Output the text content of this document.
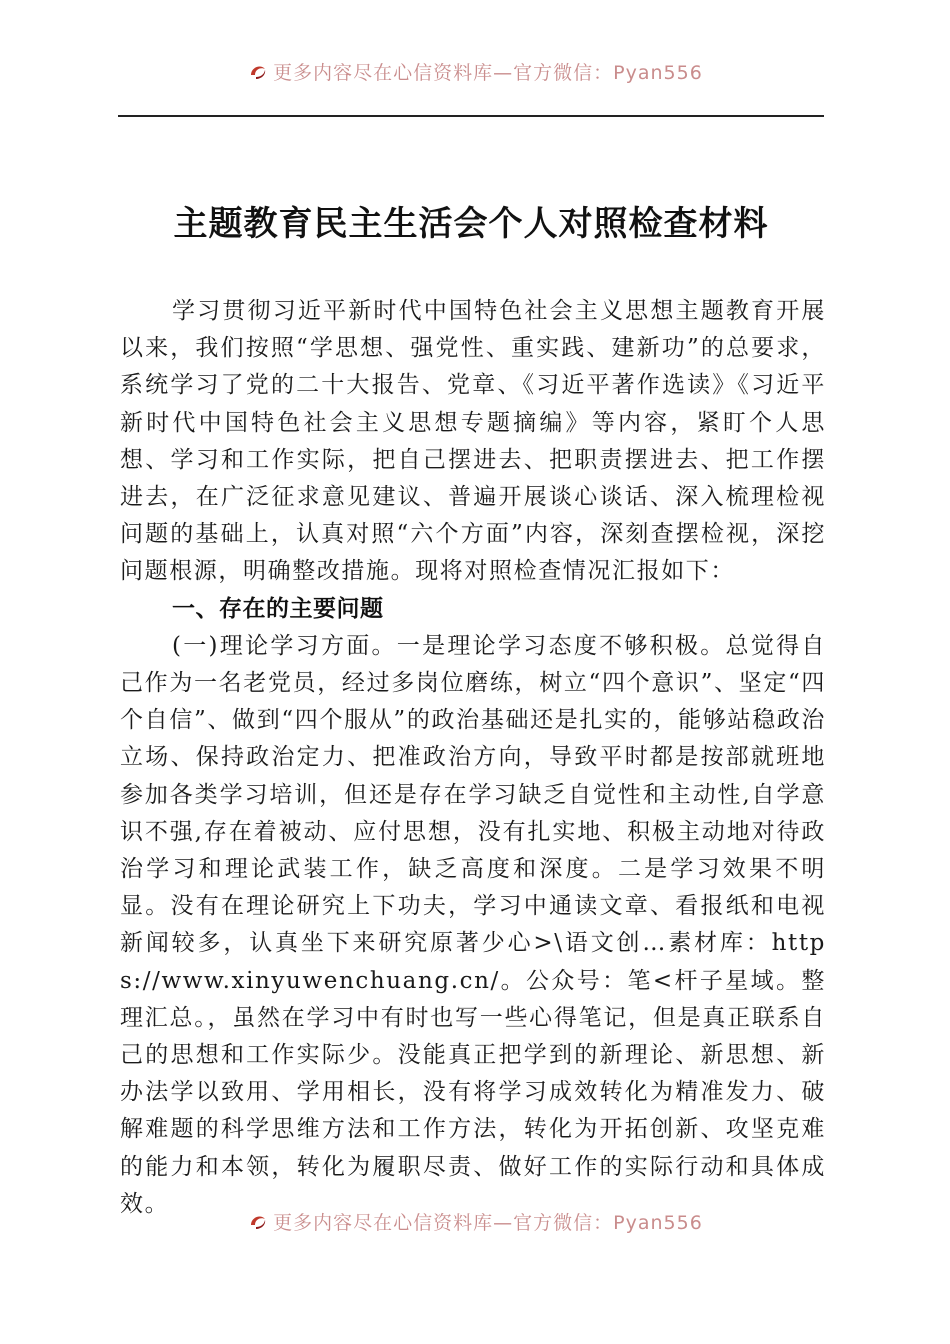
更多内容尽在心信资料库—官方微信：Pyan556
主题教育民主生活会个人对照检查材料

学习贯彻习近平新时代中国特色社会主义思想主题教育开展以来，我们按照“学思想、强党性、重实践、建新功”的总要求，系统学习了党的二十大报告、党章、《习近平著作选读》《习近平新时代中国特色社会主义思想专题摘编》等内容，紧盯个人思想、学习和工作实际，把自己摆进去、把职责摆进去、把工作摆进去，在广泛征求意见建议、普遍开展谈心谈话、深入梳理检视问题的基础上，认真对照“六个方面”内容，深刻查摆检视，深挖问题根源，明确整改措施。现将对照检查情况汇报如下：

一、存在的主要问题

(一)理论学习方面。一是理论学习态度不够积极。总觉得自己作为一名老党员，经过多岗位磨练，树立“四个意识”、坚定“四个自信”、做到“四个服从”的政治基础还是扎实的，能够站稳政治立场、保持政治定力、把准政治方向，导致平时都是按部就班地参加各类学习培训，但还是存在学习缺乏自觉性和主动性,自学意识不强,存在着被动、应付思想，没有扎实地、积极主动地对待政治学习和理论武装工作，缺乏高度和深度。二是学习效果不明显。没有在理论研究上下功夫，学习中通读文章、看报纸和电视新闻较多，认真坐下来研究原著少心>\语文创…素材库：https://www.xinyuwenchuang.cn/。公众号：笔<杆子星域。整理汇总。，虽然在学习中有时也写一些心得笔记，但是真正联系自己的思想和工作实际少。没能真正把学到的新理论、新思想、新办法学以致用、学用相长，没有将学习成效转化为精准发力、破解难题的科学思维方法和工作方法，转化为开拓创新、攻坚克难的能力和本领，转化为履职尽责、做好工作的实际行动和具体成效。

更多内容尽在心信资料库—官方微信：Pyan556
